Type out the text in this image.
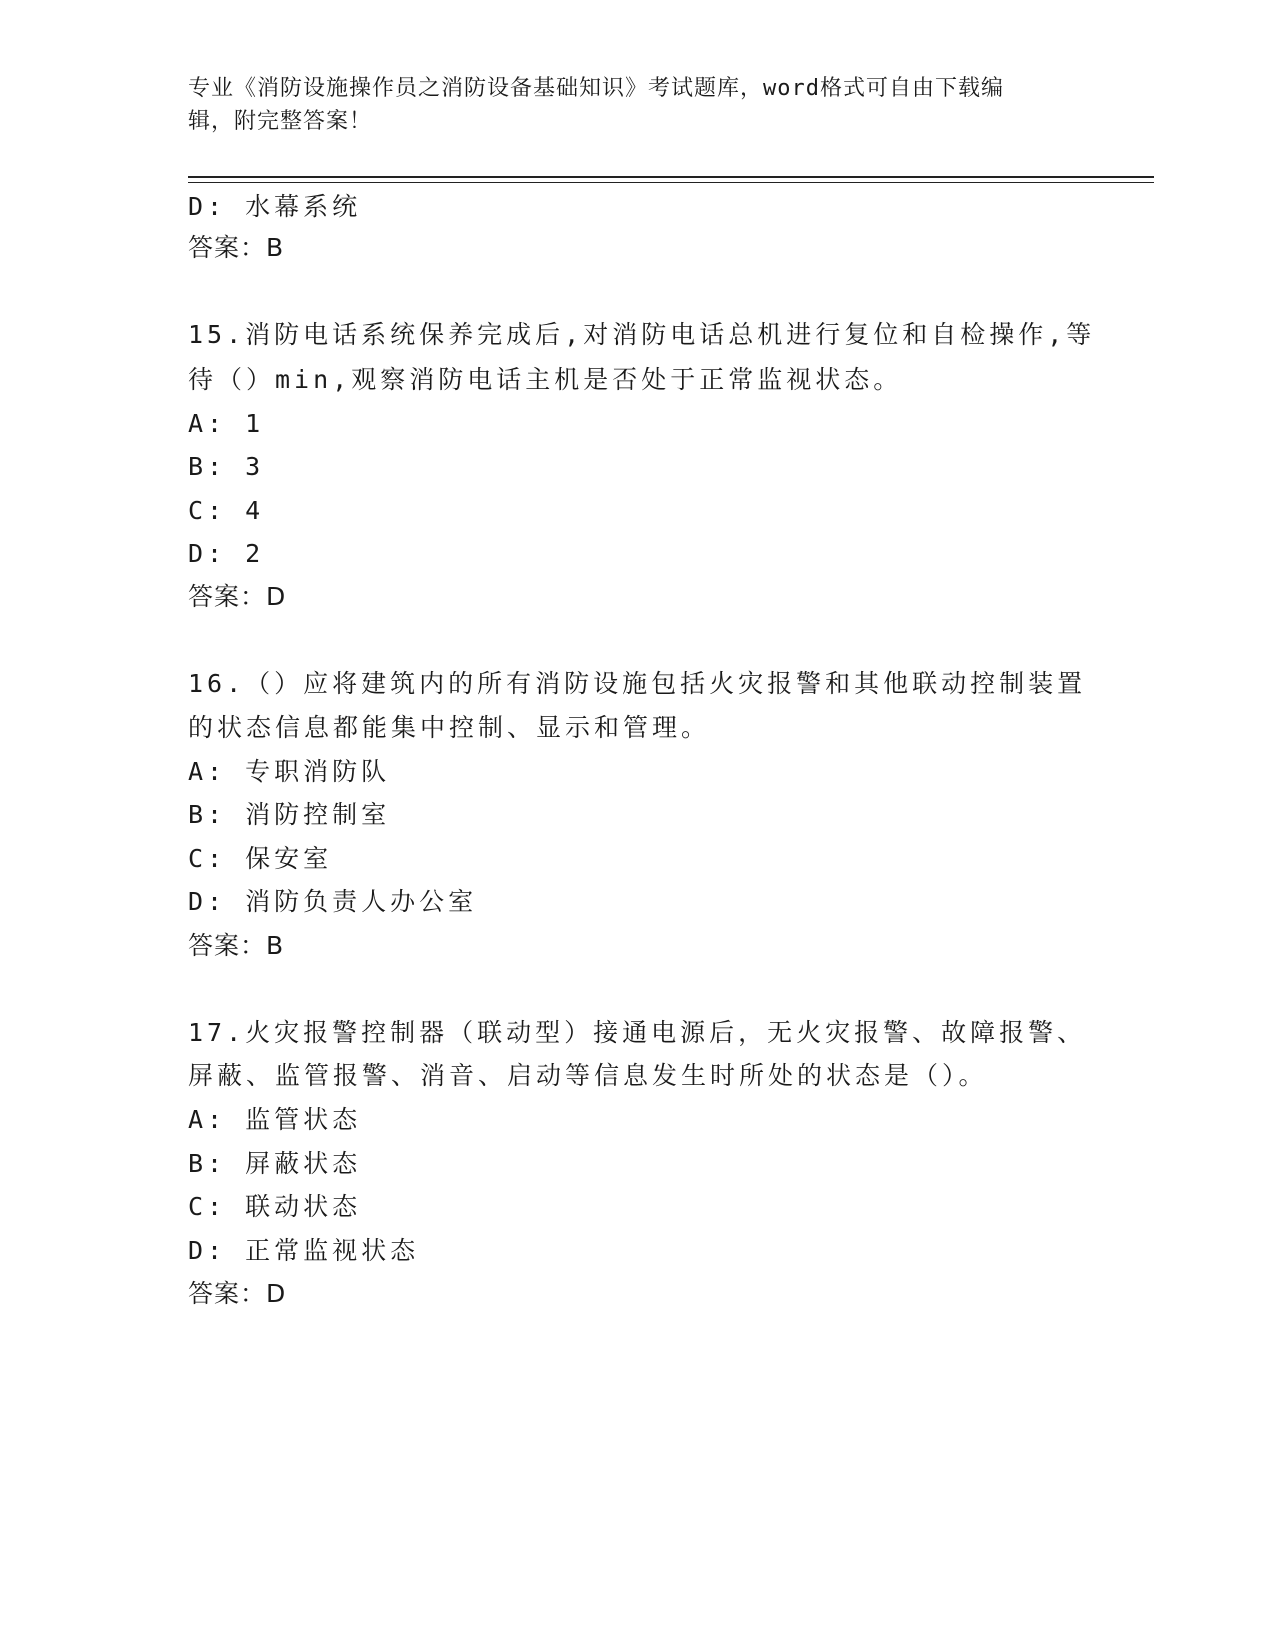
专业《消防设施操作员之消防设备基础知识》考试题库，word格式可自由下载编
辑，附完整答案！
D: 水幕系统
答案：B
15.消防电话系统保养完成后,对消防电话总机进行复位和自检操作,等
待（）min,观察消防电话主机是否处于正常监视状态。
A: 1
B: 3
C: 4
D: 2
答案：D
16.（）应将建筑内的所有消防设施包括火灾报警和其他联动控制装置
的状态信息都能集中控制、显示和管理。
A: 专职消防队
B: 消防控制室
C: 保安室
D: 消防负责人办公室
答案：B
17.火灾报警控制器（联动型）接通电源后，无火灾报警、故障报警、
屏蔽、监管报警、消音、启动等信息发生时所处的状态是（）。
A: 监管状态
B: 屏蔽状态
C: 联动状态
D: 正常监视状态
答案：D
